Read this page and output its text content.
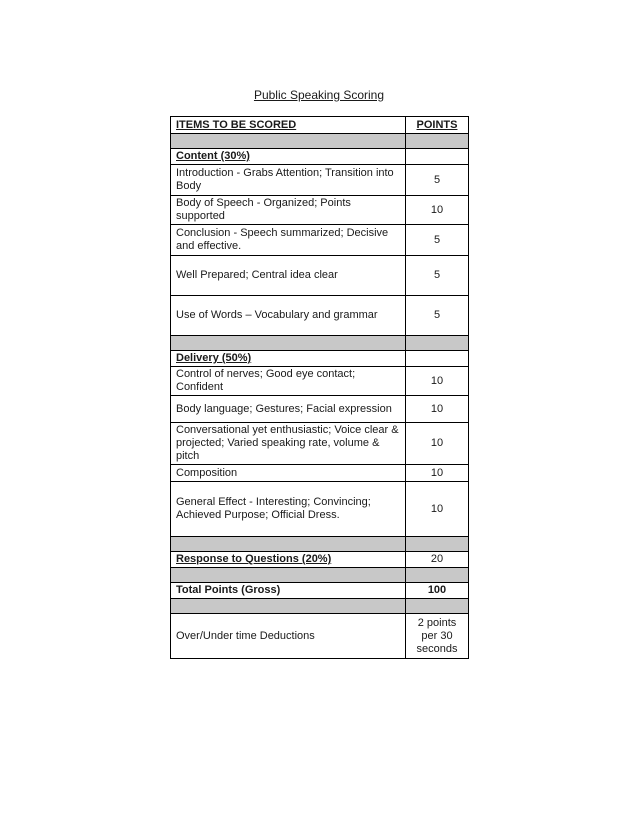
Public Speaking Scoring
ITEMS TO BE SCORED	POINTS

Content (30%)	
Introduction - Grabs Attention; Transition into Body	5
Body of Speech - Organized; Points supported	10
Conclusion - Speech summarized; Decisive and effective.	5
Well Prepared; Central idea clear	5
Use of Words – Vocabulary and grammar	5

Delivery (50%)	
Control of nerves; Good eye contact; Confident	10
Body language; Gestures; Facial expression	10
Conversational yet enthusiastic; Voice clear & projected; Varied speaking rate, volume & pitch	10
Composition	10
General Effect - Interesting; Convincing; Achieved Purpose; Official Dress.	10

Response to Questions (20%)	20

Total Points (Gross)	100

Over/Under time Deductions	2 points per 30 seconds
